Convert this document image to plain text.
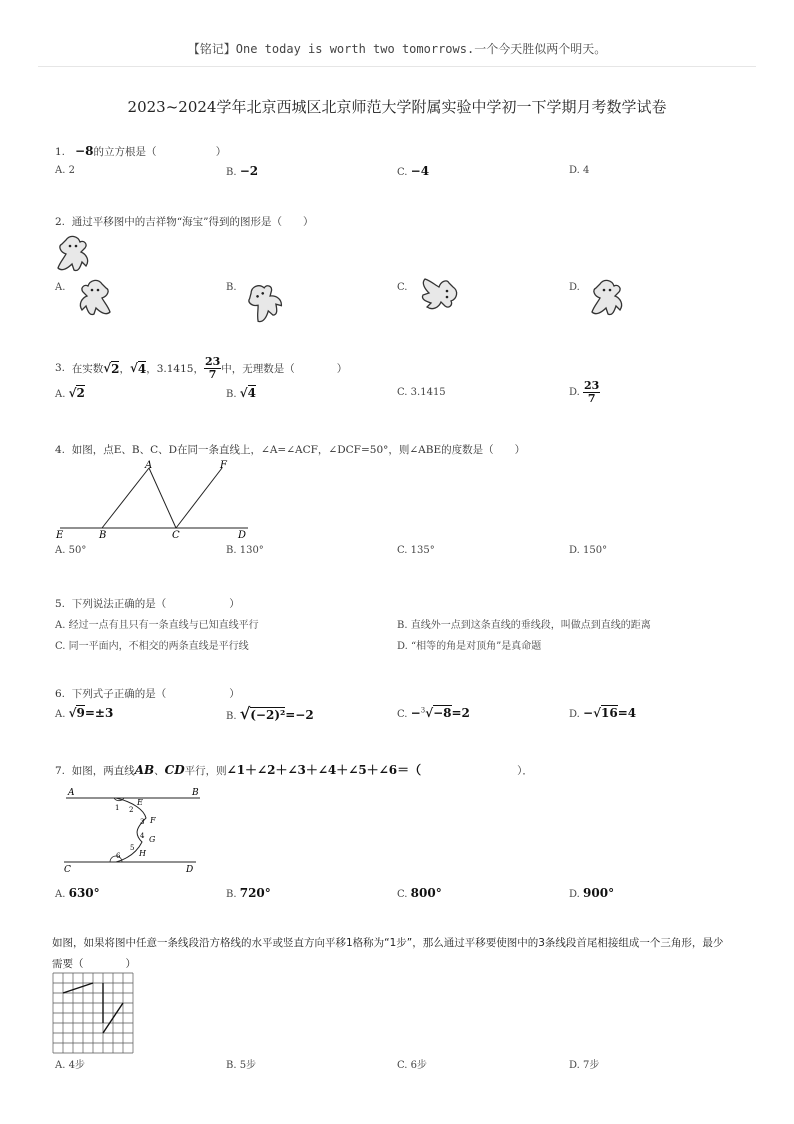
【铭记】One today is worth two tomorrows.一个今天胜似两个明天。
2023~2024学年北京西城区北京师范大学附属实验中学初一下学期月考数学试卷
1. −8的立方根是（	）
A. 2	B. −2	C. −4	D. 4
2. 通过平移图中的吉祥物“海宝”得到的图形是（　　）
A.	B.	C.	D.
3.
在实数 √ 2 ， √ 4 ，3.1415， $\frac{23}{7}$ 中，无理数是（　　　　）
A. √2	B. √4	C. 3.1415	D.
$\frac{23}{7}$
4. 如图，点E、B、C、D在同一条直线上，∠A=∠ACF，∠DCF=50°，则∠ABE的度数是（　　）
A	F
E	B	C	D
A. 50°	B. 130°	C. 135°	D. 150°
5. 下列说法正确的是（　　　　　　）
A. 经过一点有且只有一条直线与已知直线平行	B. 直线外一点到这条直线的垂线段，叫做点到直线的距离
C. 同一平面内，不相交的两条直线是平行线	D. “相等的角是对顶角”是真命题
6. 下列式子正确的是（　　　　　　）
A. √9=±3	B. √(−2)²=−2	C. −$^3$√−8=2	D. −√16=4
7. 如图，两直线AB、CD平行，则∠1＋∠2＋∠3＋∠4＋∠5＋∠6＝（	）．
A	B
C	D
E
F
G
H
1 2
3
4
5
6
A. 630°	B. 720°	C. 800°	D. 900°
如图，如果将图中任意一条线段沿方格线的水平或竖直方向平移1格称为“1步”，那么通过平移要使图中的3条线段首尾相接组成一个三角形，最少
需要（　　　　）
A. 4步	B. 5步	C. 6步	D. 7步
